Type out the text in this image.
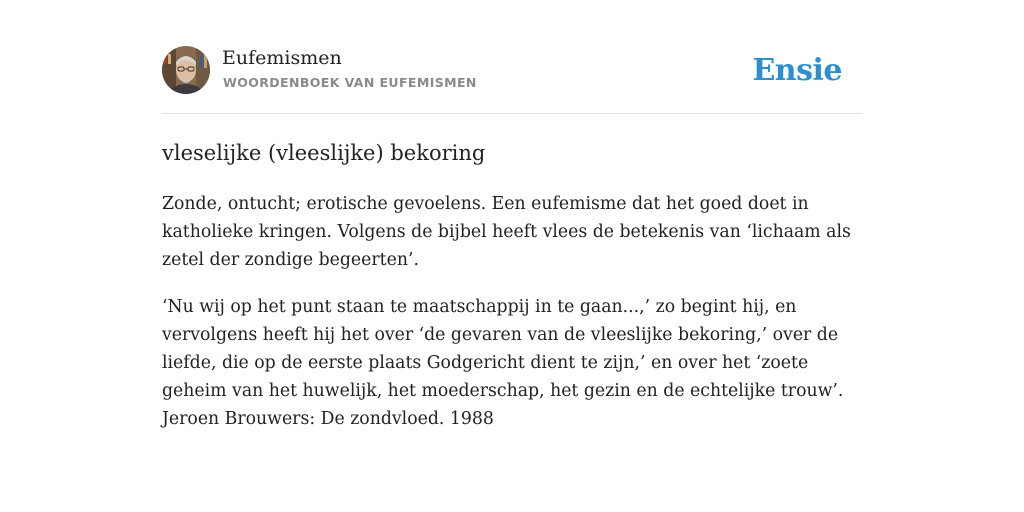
Eufemismen
WOORDENBOEK VAN EUFEMISMEN	Ensie
vleselijke (vleeslijke) bekoring

Zonde, ontucht; erotische gevoelens. Een eufemisme dat het goed doet in
katholieke kringen. Volgens de bijbel heeft vlees de betekenis van ‘lichaam als
zetel der zondige begeerten’.

‘Nu wij op het punt staan te maatschappij in te gaan...,’ zo begint hij, en
vervolgens heeft hij het over ‘de gevaren van de vleeslijke bekoring,’ over de
liefde, die op de eerste plaats Godgericht dient te zijn,’ en over het ‘zoete
geheim van het huwelijk, het moederschap, het gezin en de echtelijke trouw’.
Jeroen Brouwers: De zondvloed. 1988
